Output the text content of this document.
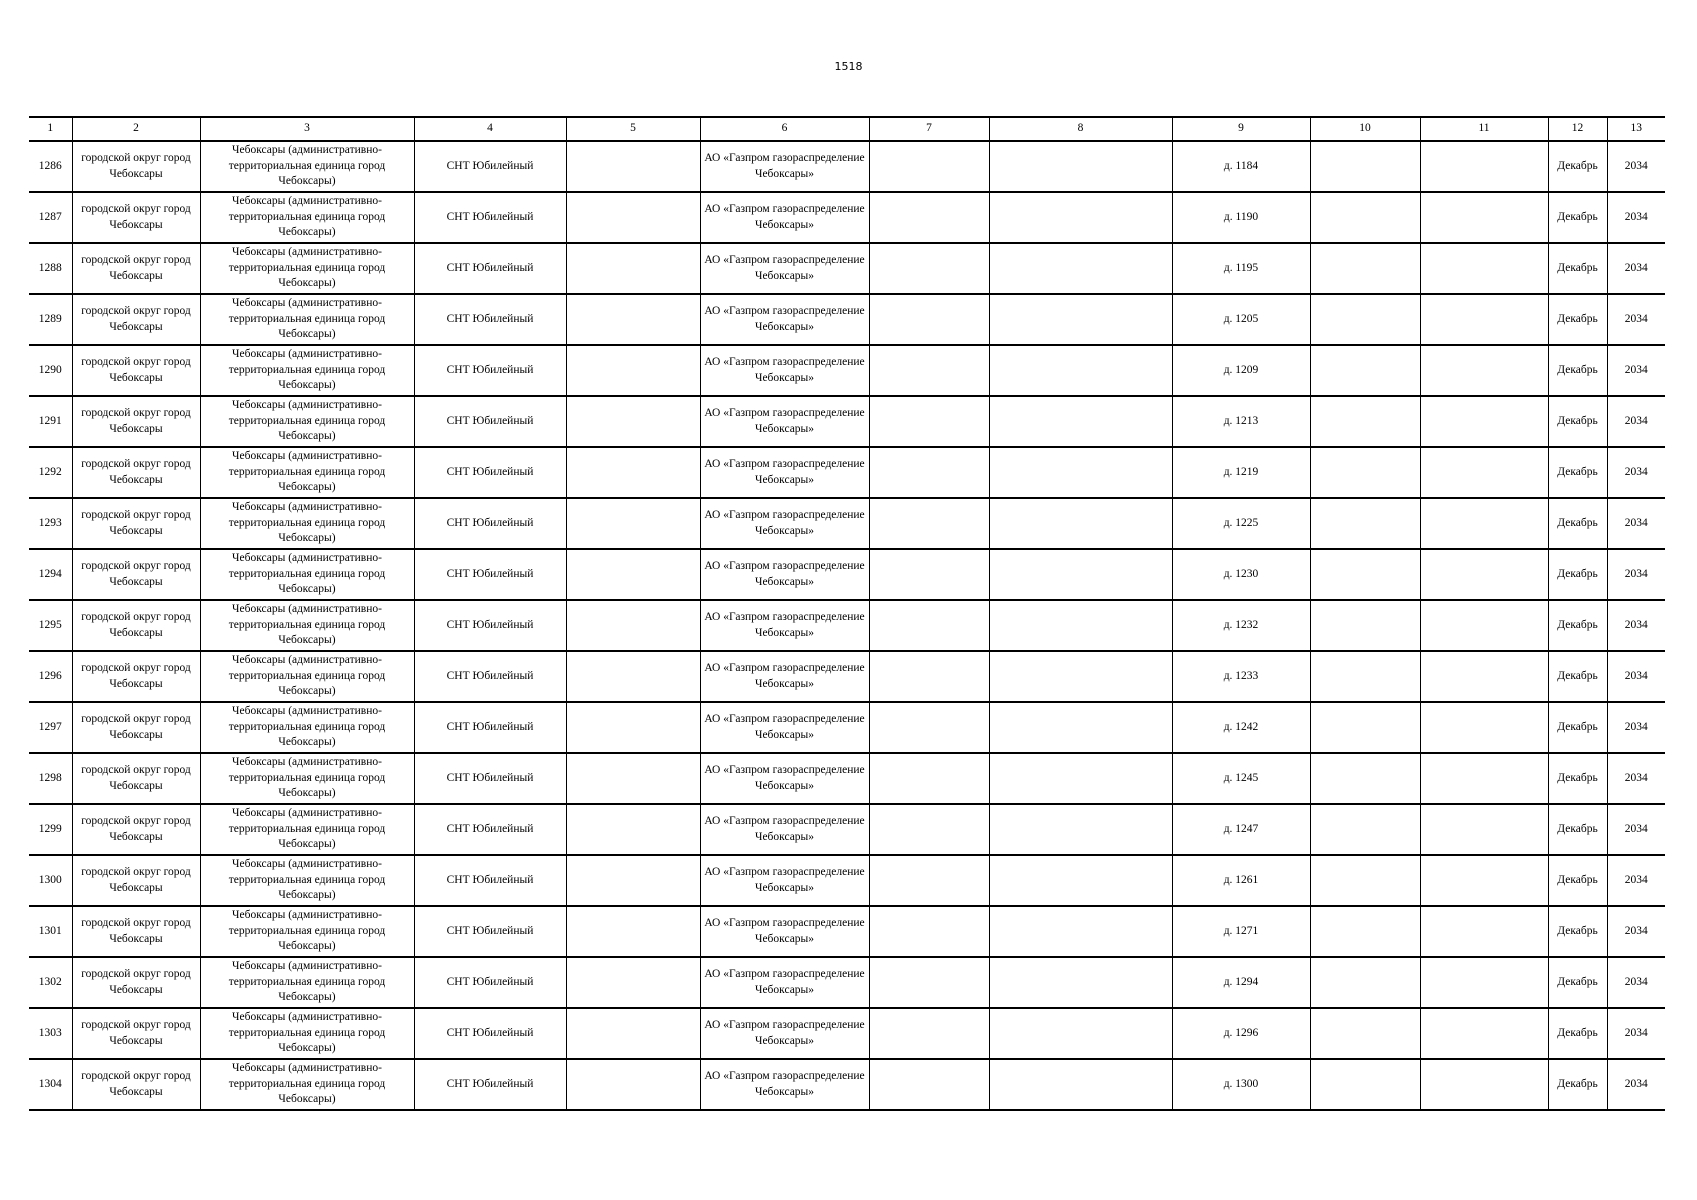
1518
1	2	3	4	5	6	7	8	9	10	11	12	13
1286	городской округ город Чебоксары	Чебоксары (административно-территориальная единица город Чебоксары)	СНТ Юбилейный		АО «Газпром газораспределение Чебоксары»			д. 1184			Декабрь	2034
1287	городской округ город Чебоксары	Чебоксары (административно-территориальная единица город Чебоксары)	СНТ Юбилейный		АО «Газпром газораспределение Чебоксары»			д. 1190			Декабрь	2034
1288	городской округ город Чебоксары	Чебоксары (административно-территориальная единица город Чебоксары)	СНТ Юбилейный		АО «Газпром газораспределение Чебоксары»			д. 1195			Декабрь	2034
1289	городской округ город Чебоксары	Чебоксары (административно-территориальная единица город Чебоксары)	СНТ Юбилейный		АО «Газпром газораспределение Чебоксары»			д. 1205			Декабрь	2034
1290	городской округ город Чебоксары	Чебоксары (административно-территориальная единица город Чебоксары)	СНТ Юбилейный		АО «Газпром газораспределение Чебоксары»			д. 1209			Декабрь	2034
1291	городской округ город Чебоксары	Чебоксары (административно-территориальная единица город Чебоксары)	СНТ Юбилейный		АО «Газпром газораспределение Чебоксары»			д. 1213			Декабрь	2034
1292	городской округ город Чебоксары	Чебоксары (административно-территориальная единица город Чебоксары)	СНТ Юбилейный		АО «Газпром газораспределение Чебоксары»			д. 1219			Декабрь	2034
1293	городской округ город Чебоксары	Чебоксары (административно-территориальная единица город Чебоксары)	СНТ Юбилейный		АО «Газпром газораспределение Чебоксары»			д. 1225			Декабрь	2034
1294	городской округ город Чебоксары	Чебоксары (административно-территориальная единица город Чебоксары)	СНТ Юбилейный		АО «Газпром газораспределение Чебоксары»			д. 1230			Декабрь	2034
1295	городской округ город Чебоксары	Чебоксары (административно-территориальная единица город Чебоксары)	СНТ Юбилейный		АО «Газпром газораспределение Чебоксары»			д. 1232			Декабрь	2034
1296	городской округ город Чебоксары	Чебоксары (административно-территориальная единица город Чебоксары)	СНТ Юбилейный		АО «Газпром газораспределение Чебоксары»			д. 1233			Декабрь	2034
1297	городской округ город Чебоксары	Чебоксары (административно-территориальная единица город Чебоксары)	СНТ Юбилейный		АО «Газпром газораспределение Чебоксары»			д. 1242			Декабрь	2034
1298	городской округ город Чебоксары	Чебоксары (административно-территориальная единица город Чебоксары)	СНТ Юбилейный		АО «Газпром газораспределение Чебоксары»			д. 1245			Декабрь	2034
1299	городской округ город Чебоксары	Чебоксары (административно-территориальная единица город Чебоксары)	СНТ Юбилейный		АО «Газпром газораспределение Чебоксары»			д. 1247			Декабрь	2034
1300	городской округ город Чебоксары	Чебоксары (административно-территориальная единица город Чебоксары)	СНТ Юбилейный		АО «Газпром газораспределение Чебоксары»			д. 1261			Декабрь	2034
1301	городской округ город Чебоксары	Чебоксары (административно-территориальная единица город Чебоксары)	СНТ Юбилейный		АО «Газпром газораспределение Чебоксары»			д. 1271			Декабрь	2034
1302	городской округ город Чебоксары	Чебоксары (административно-территориальная единица город Чебоксары)	СНТ Юбилейный		АО «Газпром газораспределение Чебоксары»			д. 1294			Декабрь	2034
1303	городской округ город Чебоксары	Чебоксары (административно-территориальная единица город Чебоксары)	СНТ Юбилейный		АО «Газпром газораспределение Чебоксары»			д. 1296			Декабрь	2034
1304	городской округ город Чебоксары	Чебоксары (административно-территориальная единица город Чебоксары)	СНТ Юбилейный		АО «Газпром газораспределение Чебоксары»			д. 1300			Декабрь	2034
